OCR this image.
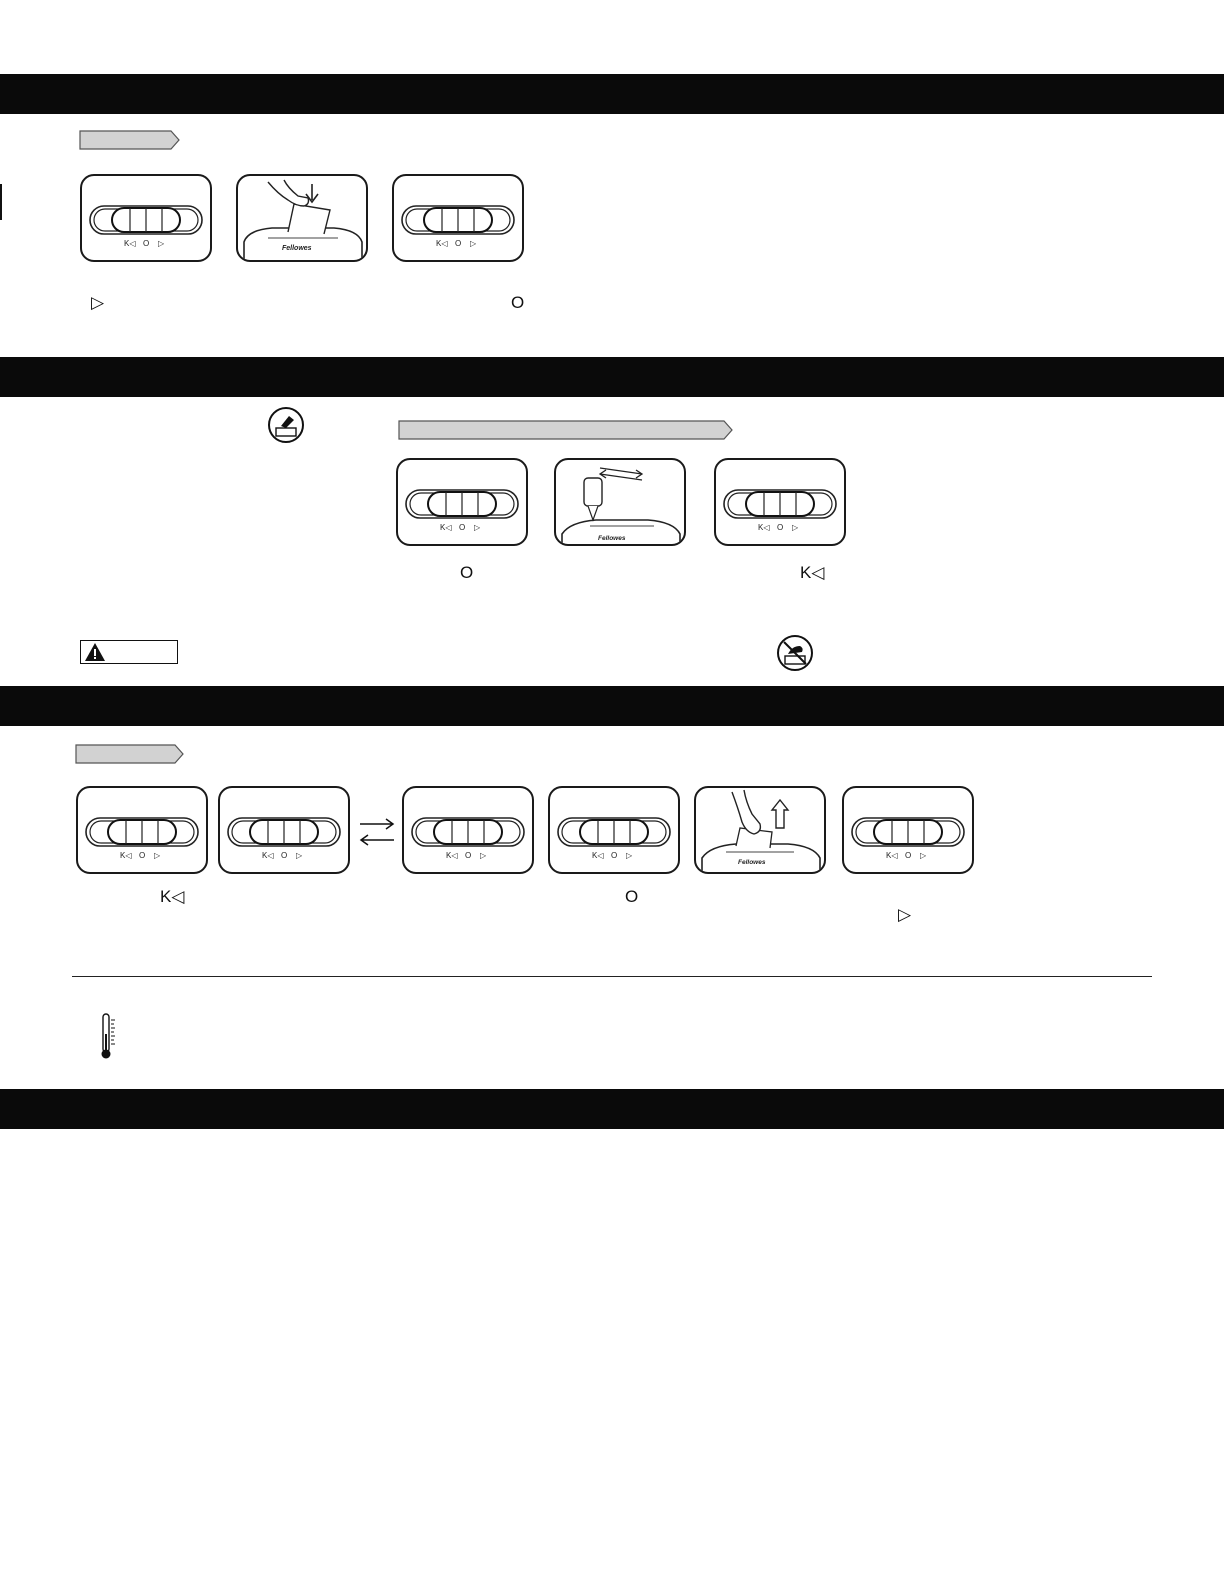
K◁ O ▷
Fellowes
K◁ O ▷
▷	O
K◁ O ▷
Fellowes
K◁ O ▷
O	K◁
K◁ O ▷	K◁ O ▷	K◁ O ▷	K◁ O ▷
Fellowes
K◁ O ▷
K◁	O
▷
